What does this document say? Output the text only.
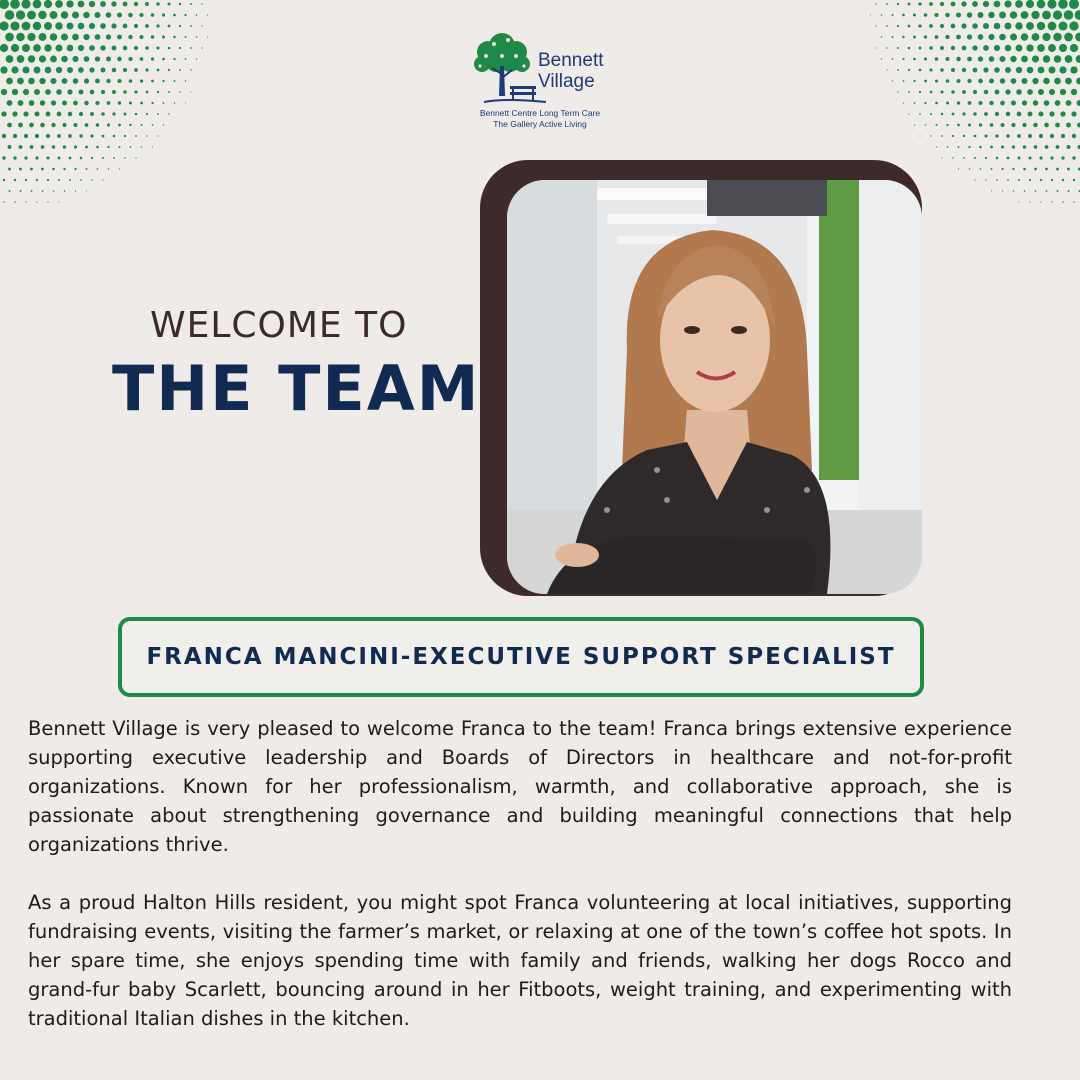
Bennett
Village
Bennett Centre Long Term Care
The Gallery Active Living
WELCOME TO
THE TEAM
FRANCA MANCINI-EXECUTIVE SUPPORT SPECIALIST

Bennett Village is very pleased to welcome Franca to the team! Franca brings extensive experience supporting executive leadership and Boards of Directors in healthcare and not-for-profit organizations. Known for her professionalism, warmth, and collaborative approach, she is passionate about strengthening governance and building meaningful connections that help organizations thrive.

As a proud Halton Hills resident, you might spot Franca volunteering at local initiatives, supporting fundraising events, visiting the farmer’s market, or relaxing at one of the town’s coffee hot spots. In her spare time, she enjoys spending time with family and friends, walking her dogs Rocco and grand-fur baby Scarlett, bouncing around in her Fitboots, weight training, and experimenting with traditional Italian dishes in the kitchen.
